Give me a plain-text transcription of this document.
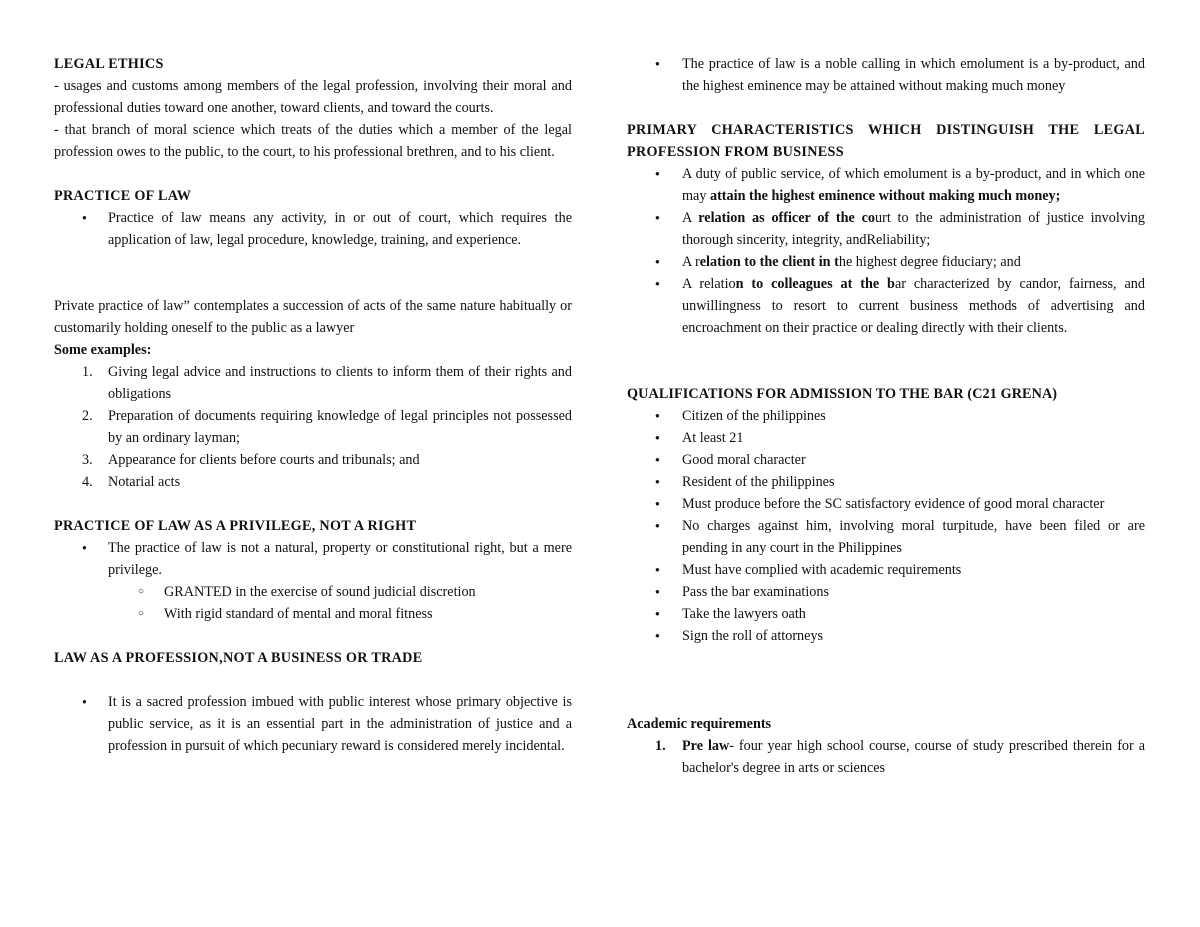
LEGAL ETHICS
- usages and customs among members of the legal profession, involving their moral and professional duties toward one another, toward clients, and toward the courts.
- that branch of moral science which treats of the duties which a member of the legal profession owes to the public, to the court, to his professional brethren, and to his client.
PRACTICE OF LAW
● Practice of law means any activity, in or out of court, which requires the application of law, legal procedure, knowledge, training, and experience.
Private practice of law” contemplates a succession of acts of the same nature habitually or customarily holding oneself to the public as a lawyer
Some examples:
1. Giving legal advice and instructions to clients to inform them of their rights and obligations
2. Preparation of documents requiring knowledge of legal principles not possessed by an ordinary layman;
3. Appearance for clients before courts and tribunals; and
4. Notarial acts
PRACTICE OF LAW AS A PRIVILEGE, NOT A RIGHT
● The practice of law is not a natural, property or constitutional right, but a mere privilege.
○ GRANTED in the exercise of sound judicial discretion
○ With rigid standard of mental and moral fitness
LAW AS A PROFESSION,NOT A BUSINESS OR TRADE
● It is a sacred profession imbued with public interest whose primary objective is public service, as it is an essential part in the administration of justice and a profession in pursuit of which pecuniary reward is considered merely incidental.
● The practice of law is a noble calling in which emolument is a by-product, and the highest eminence may be attained without making much money
PRIMARY CHARACTERISTICS WHICH DISTINGUISH THE LEGAL PROFESSION FROM BUSINESS
● A duty of public service, of which emolument is a by-product, and in which one may attain the highest eminence without making much money;
● A relation as officer of the court to the administration of justice involving thorough sincerity, integrity, andReliability;
● A relation to the client in the highest degree fiduciary; and
● A relation to colleagues at the bar characterized by candor, fairness, and unwillingness to resort to current business methods of advertising and encroachment on their practice or dealing directly with their clients.
QUALIFICATIONS FOR ADMISSION TO THE BAR (C21 GRENA)
● Citizen of the philippines
● At least 21
● Good moral character
● Resident of the philippines
● Must produce before the SC satisfactory evidence of good moral character
● No charges against him, involving moral turpitude, have been filed or are pending in any court in the Philippines
● Must have complied with academic requirements
● Pass the bar examinations
● Take the lawyers oath
● Sign the roll of attorneys
Academic requirements
1. Pre law- four year high school course, course of study prescribed therein for a bachelor's degree in arts or sciences
